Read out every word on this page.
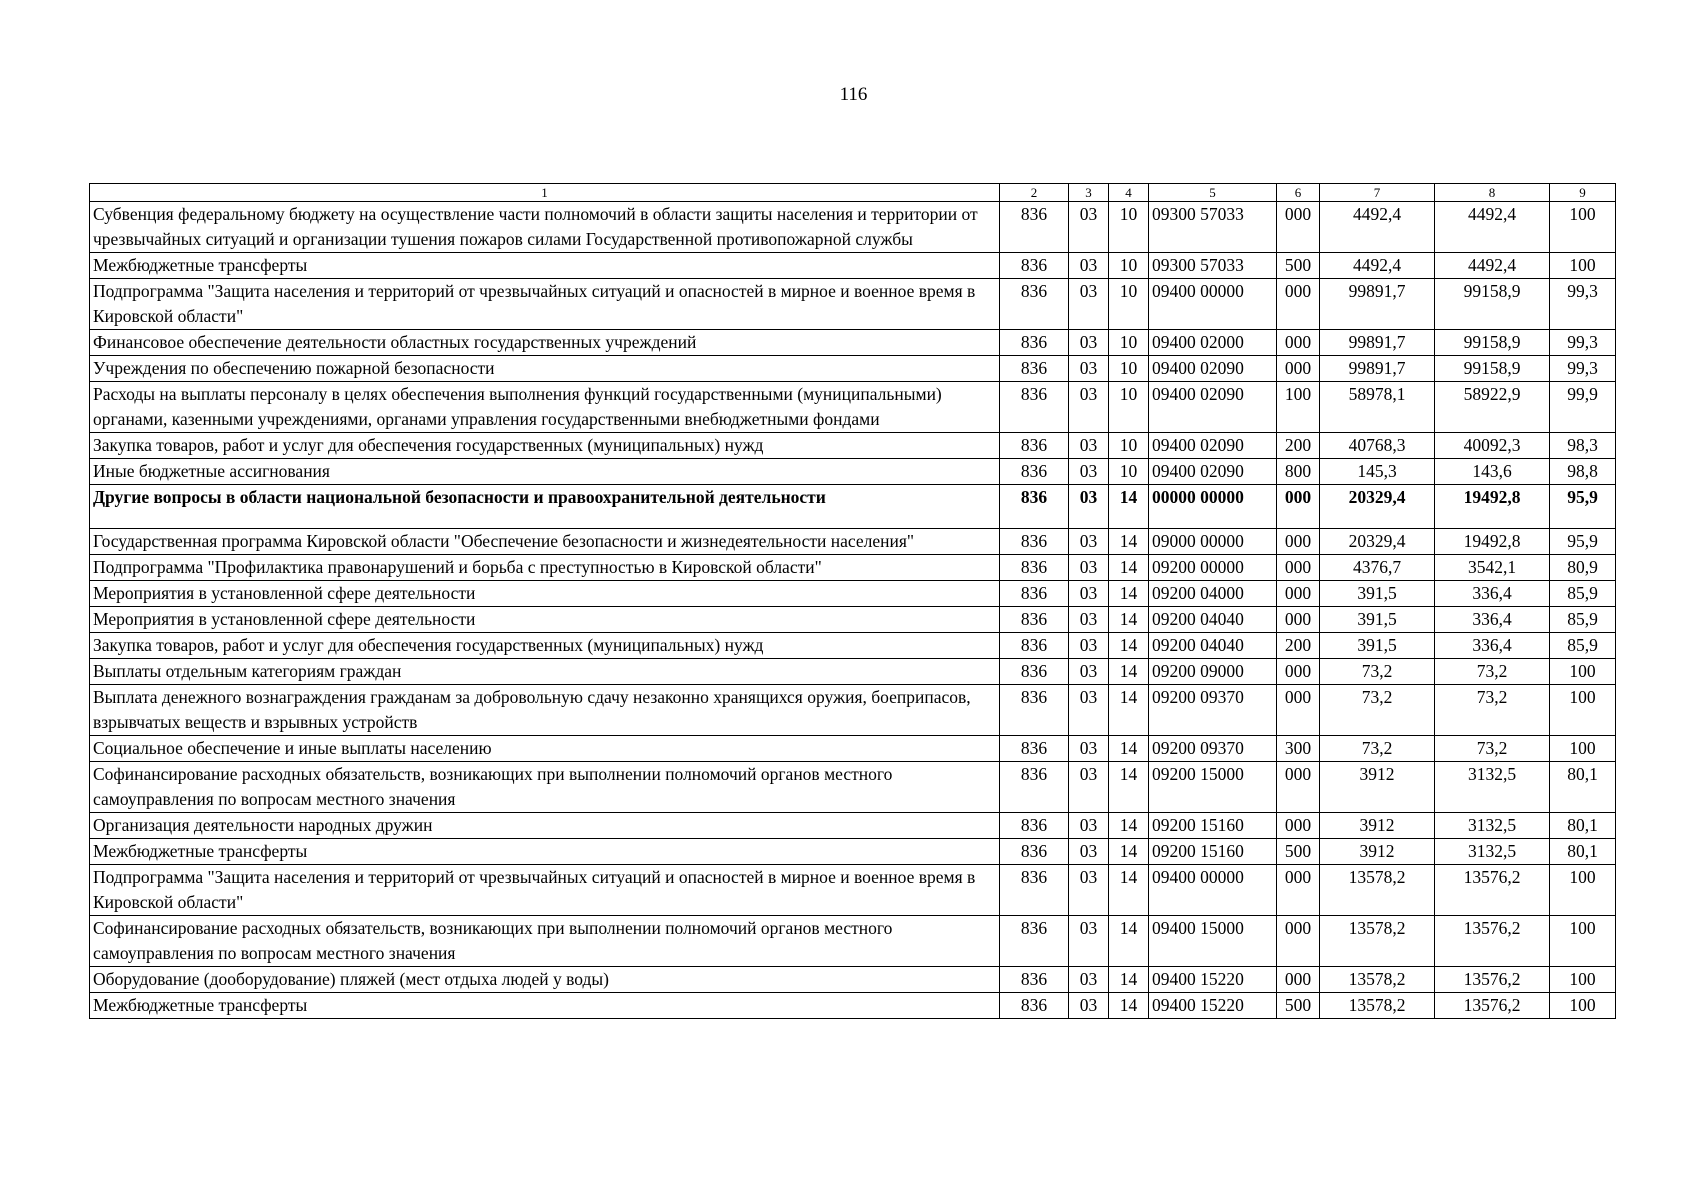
116
1	2	3	4	5	6	7	8	9
Субвенция федеральному бюджету на осуществление части полномочий в области защиты населения и территории от чрезвычайных ситуаций и организации тушения пожаров силами Государственной противопожарной службы	836	03	10	09300 57033	000	4492,4	4492,4	100
Межбюджетные трансферты	836	03	10	09300 57033	500	4492,4	4492,4	100
Подпрограмма "Защита населения и территорий от чрезвычайных ситуаций и опасностей в мирное и военное время в Кировской области"	836	03	10	09400 00000	000	99891,7	99158,9	99,3
Финансовое обеспечение деятельности областных государственных учреждений	836	03	10	09400 02000	000	99891,7	99158,9	99,3
Учреждения по обеспечению пожарной безопасности	836	03	10	09400 02090	000	99891,7	99158,9	99,3
Расходы на выплаты персоналу в целях обеспечения выполнения функций государственными (муниципальными) органами, казенными учреждениями, органами управления государственными внебюджетными фондами	836	03	10	09400 02090	100	58978,1	58922,9	99,9
Закупка товаров, работ и услуг для обеспечения государственных (муниципальных) нужд	836	03	10	09400 02090	200	40768,3	40092,3	98,3
Иные бюджетные ассигнования	836	03	10	09400 02090	800	145,3	143,6	98,8
Другие вопросы в области национальной безопасности и правоохранительной деятельности	836	03	14	00000 00000	000	20329,4	19492,8	95,9
Государственная программа Кировской области "Обеспечение безопасности и жизнедеятельности населения"	836	03	14	09000 00000	000	20329,4	19492,8	95,9
Подпрограмма "Профилактика правонарушений и борьба с преступностью в Кировской области"	836	03	14	09200 00000	000	4376,7	3542,1	80,9
Мероприятия в установленной сфере деятельности	836	03	14	09200 04000	000	391,5	336,4	85,9
Мероприятия в установленной сфере деятельности	836	03	14	09200 04040	000	391,5	336,4	85,9
Закупка товаров, работ и услуг для обеспечения государственных (муниципальных) нужд	836	03	14	09200 04040	200	391,5	336,4	85,9
Выплаты отдельным категориям граждан	836	03	14	09200 09000	000	73,2	73,2	100
Выплата денежного вознаграждения гражданам за добровольную сдачу незаконно хранящихся оружия, боеприпасов, взрывчатых веществ и взрывных устройств	836	03	14	09200 09370	000	73,2	73,2	100
Социальное обеспечение и иные выплаты населению	836	03	14	09200 09370	300	73,2	73,2	100
Софинансирование расходных обязательств, возникающих при выполнении полномочий органов местного самоуправления по вопросам местного значения	836	03	14	09200 15000	000	3912	3132,5	80,1
Организация деятельности народных дружин	836	03	14	09200 15160	000	3912	3132,5	80,1
Межбюджетные трансферты	836	03	14	09200 15160	500	3912	3132,5	80,1
Подпрограмма "Защита населения и территорий от чрезвычайных ситуаций и опасностей в мирное и военное время в Кировской области"	836	03	14	09400 00000	000	13578,2	13576,2	100
Софинансирование расходных обязательств, возникающих при выполнении полномочий органов местного самоуправления по вопросам местного значения	836	03	14	09400 15000	000	13578,2	13576,2	100
Оборудование (дооборудование) пляжей (мест отдыха людей у воды)	836	03	14	09400 15220	000	13578,2	13576,2	100
Межбюджетные трансферты	836	03	14	09400 15220	500	13578,2	13576,2	100
